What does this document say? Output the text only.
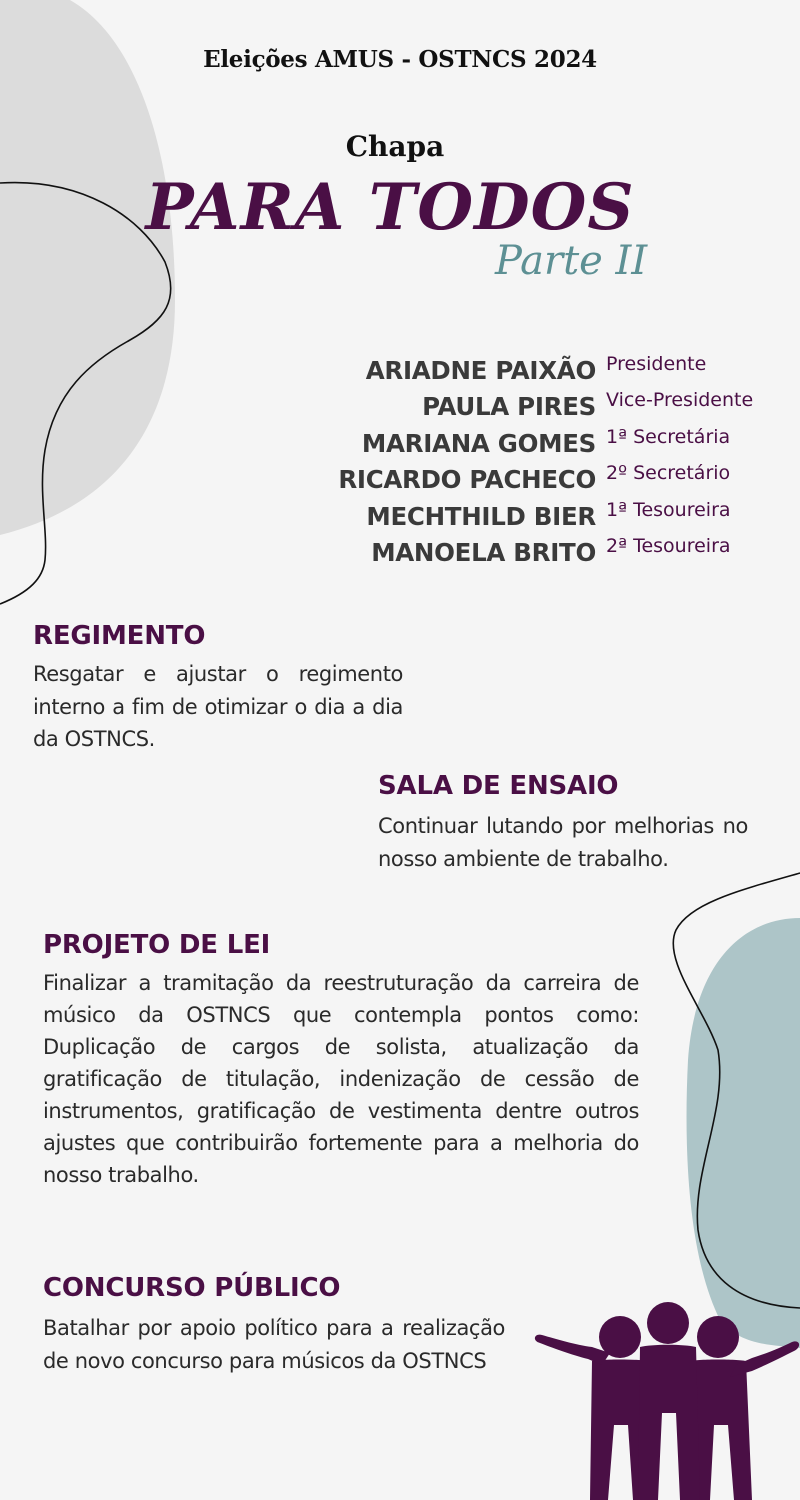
Eleições AMUS - OSTNCS 2024
Chapa
PARA TODOS
Parte II
ARIADNE PAIXÃO Presidente
PAULA PIRES Vice-Presidente
MARIANA GOMES 1ª Secretária
RICARDO PACHECO 2º Secretário
MECHTHILD BIER 1ª Tesoureira
MANOELA BRITO 2ª Tesoureira
REGIMENTO

Resgatar e ajustar o regimento interno a fim de otimizar o dia a dia da OSTNCS.

SALA DE ENSAIO

Continuar lutando por melhorias no nosso ambiente de trabalho.

PROJETO DE LEI

Finalizar a tramitação da reestruturação da carreira de músico da OSTNCS que contempla pontos como: Duplicação de cargos de solista, atualização da gratificação de titulação, indenização de cessão de instrumentos, gratificação de vestimenta dentre outros ajustes que contribuirão fortemente para a melhoria do nosso trabalho.

CONCURSO PÚBLICO

Batalhar por apoio político para a realização de novo concurso para músicos da OSTNCS
